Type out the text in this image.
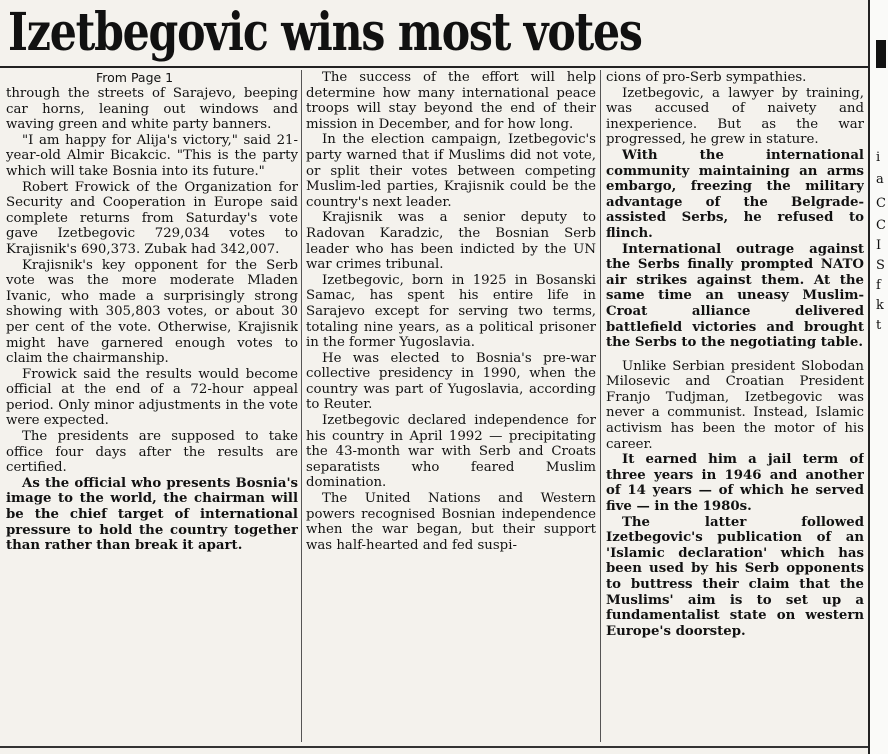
Izetbegovic wins most votes

From Page 1

through the streets of Sarajevo, beeping car horns, leaning out windows and waving green and white party banners.

"I am happy for Alija's victory," said 21-year-old Almir Bicakcic. "This is the party which will take Bosnia into its future."

Robert Frowick of the Organization for Security and Cooperation in Europe said complete returns from Saturday's vote gave Izetbegovic 729,034 votes to Krajisnik's 690,373. Zubak had 342,007.

Krajisnik's key opponent for the Serb vote was the more moderate Mladen Ivanic, who made a surprisingly strong showing with 305,803 votes, or about 30 per cent of the vote. Otherwise, Krajisnik might have garnered enough votes to claim the chairmanship.

Frowick said the results would become official at the end of a 72-hour appeal period. Only minor adjustments in the vote were expected.

The presidents are supposed to take office four days after the results are certified.

As the official who presents Bosnia's image to the world, the chairman will be the chief target of international pressure to hold the country together than rather than break it apart.

The success of the effort will help determine how many international peace troops will stay beyond the end of their mission in December, and for how long.

In the election campaign, Izetbegovic's party warned that if Muslims did not vote, or split their votes between competing Muslim-led parties, Krajisnik could be the country's next leader.

Krajisnik was a senior deputy to Radovan Karadzic, the Bosnian Serb leader who has been indicted by the UN war crimes tribunal.

Izetbegovic, born in 1925 in Bosanski Samac, has spent his entire life in Sarajevo except for serving two terms, totaling nine years, as a political prisoner in the former Yugoslavia.

He was elected to Bosnia's pre-war collective presidency in 1990, when the country was part of Yugoslavia, according to Reuter.

Izetbegovic declared independence for his country in April 1992 — precipitating the 43-month war with Serb and Croats separatists who feared Muslim domination.

The United Nations and Western powers recognised Bosnian independence when the war began, but their support was half-hearted and fed suspi-

cions of pro-Serb sympathies.

Izetbegovic, a lawyer by training, was accused of naivety and inexperience. But as the war progressed, he grew in stature.

With the international community maintaining an arms embargo, freezing the military advantage of the Belgrade-assisted Serbs, he refused to flinch.

International outrage against the Serbs finally prompted NATO air strikes against them. At the same time an uneasy Muslim-Croat alliance delivered battlefield victories and brought the Serbs to the negotiating table.

Unlike Serbian president Slobodan Milosevic and Croatian President Franjo Tudjman, Izetbegovic was never a communist. Instead, Islamic activism has been the motor of his career.

It earned him a jail term of three years in 1946 and another of 14 years — of which he served five — in the 1980s.

The latter followed Izetbegovic's publication of an 'Islamic declaration' which has been used by his Serb opponents to buttress their claim that the Muslims' aim is to set up a fundamentalist state on western Europe's doorstep.

i
a
C
C
I
S
f
k
t
